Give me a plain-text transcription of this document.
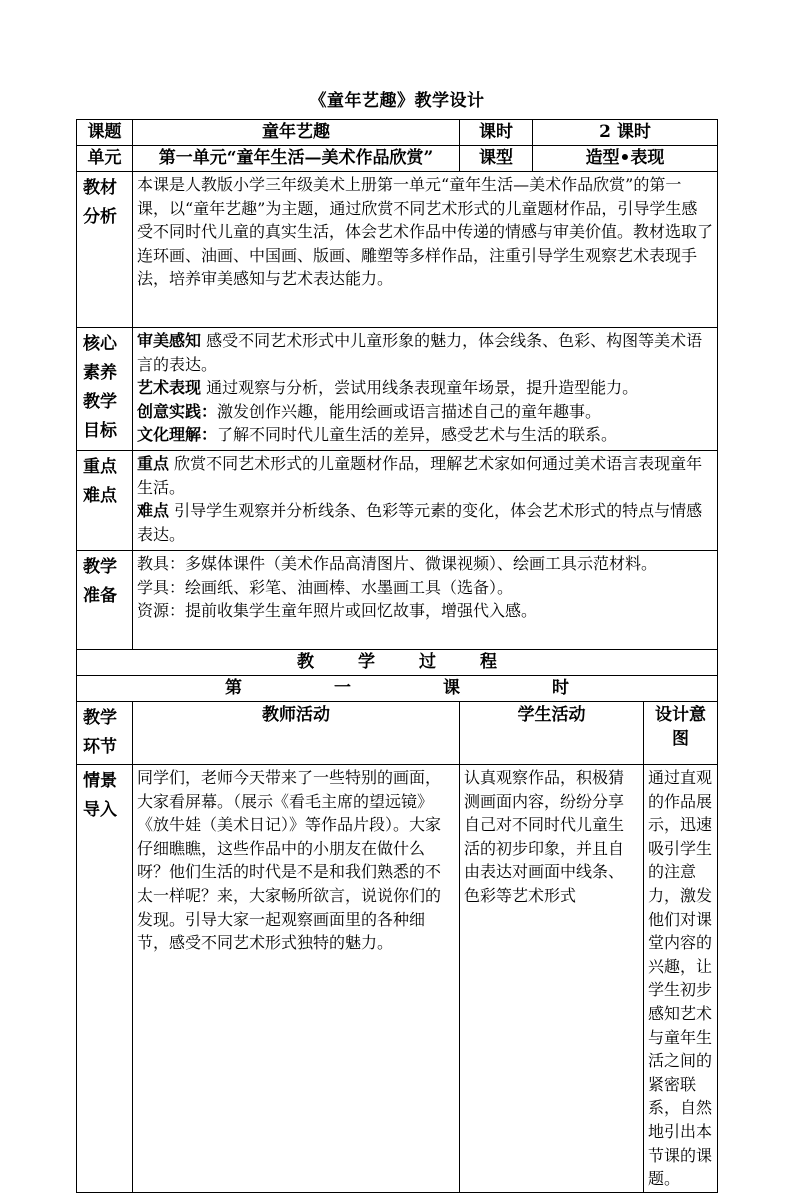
《童年艺趣》教学设计
课题	童年艺趣	课时	2 课时	
单元	第一单元“童年生活—美术作品欣赏”	课型	造型•表现	
教材分析	本课是人教版小学三年级美术上册第一单元“童年生活—美术作品欣赏”的第一课，以“童年艺趣”为主题，通过欣赏不同艺术形式的儿童题材作品，引导学生感受不同时代儿童的真实生活，体会艺术作品中传递的情感与审美价值。教材选取了连环画、油画、中国画、版画、雕塑等多样作品，注重引导学生观察艺术表现手法，培养审美感知与艺术表达能力。			
核心素养教学目标	审美感知 感受不同艺术形式中儿童形象的魅力，体会线条、色彩、构图等美术语言的表达。

艺术表现 通过观察与分析，尝试用线条表现童年场景，提升造型能力。

创意实践：激发创作兴趣，能用绘画或语言描述自己的童年趣事。

文化理解：了解不同时代儿童生活的差异，感受艺术与生活的联系。			

重点难点	重点 欣赏不同艺术形式的儿童题材作品，理解艺术家如何通过美术语言表现童年生活。

难点 引导学生观察并分析线条、色彩等元素的变化，体会艺术形式的特点与情感表达。			

教学准备	教具：多媒体课件（美术作品高清图片、微课视频）、绘画工具示范材料。

学具：绘画纸、彩笔、油画棒、水墨画工具（选备）。

资源：提前收集学生童年照片或回忆故事，增强代入感。			

教 学 过 程				
第 一 课 时				
教学环节	教师活动	学生活动		设计意图
情景导入	同学们，老师今天带来了一些特别的画面，大家看屏幕。（展示《看毛主席的望远镜》《放牛娃（美术日记）》等作品片段）。大家仔细瞧瞧，这些作品中的小朋友在做什么呀？他们生活的时代是不是和我们熟悉的不太一样呢？来，大家畅所欲言，说说你们的发现。引导大家一起观察画面里的各种细节，感受不同艺术形式独特的魅力。	认真观察作品，积极猜测画面内容，纷纷分享自己对不同时代儿童生活的初步印象，并且自由表达对画面中线条、色彩等艺术形式		通过直观的作品展示，迅速吸引学生的注意力，激发他们对课堂内容的兴趣，让学生初步感知艺术与童年生活之间的紧密联系，自然地引出本节课的课题。
